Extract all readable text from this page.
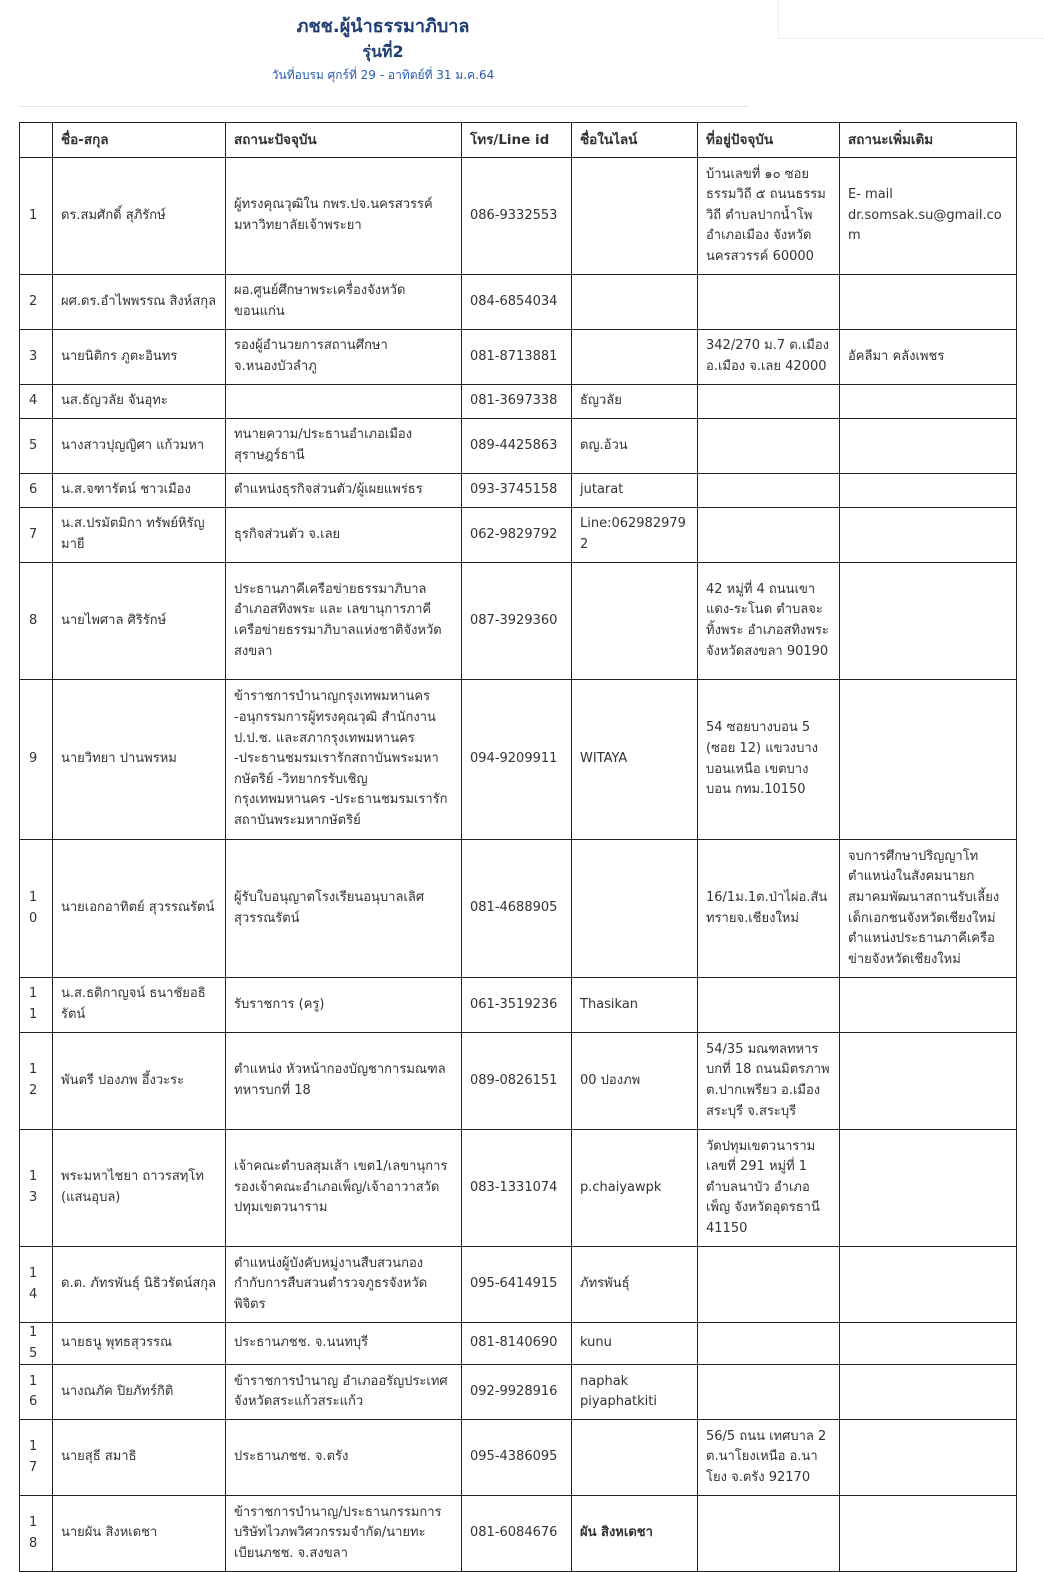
ภชช.ผู้นำธรรมาภิบาล
รุ่นที่2
วันที่อบรม ศุกร์ที่ 29 - อาทิตย์ที่ 31 ม.ค.64
	ชื่อ-สกุล	สถานะปัจจุบัน	โทร/Line id	ชื่อในไลน์	ที่อยู่ปัจจุบัน	สถานะเพิ่มเติม
1	ดร.สมศักดิ์ สุภิรักษ์	ผู้ทรงคุณวุฒิใน กพร.ปจ.นครสวรรค์ มหาวิทยาลัยเจ้าพระยา	086-9332553		บ้านเลขที่ ๑๐ ซอยธรรมวิถี ๕ ถนนธรรมวิถี ตำบลปากน้ำโพ อำเภอเมือง จังหวัดนครสวรรค์ 60000	E- mail dr.somsak.su@gmail.com
2	ผศ.ดร.อำไพพรรณ สิงห์สกุล	ผอ.ศูนย์ศึกษาพระเครื่องจังหวัดขอนแก่น	084-6854034			
3	นายนิติกร ภูตะอินทร	รองผู้อำนวยการสถานศึกษา จ.หนองบัวลำภู	081-8713881		342/270 ม.7 ต.เมือง อ.เมือง จ.เลย 42000	อัคลีมา คลังเพชร
4	นส.ธัญวลัย จันอุทะ		081-3697338	ธัญวลัย		
5	นางสาวปุญญิศา แก้วมหา	ทนายความ/ประธานอำเภอเมืองสุราษฎร์ธานี	089-4425863	ดญ.อ้วน		
6	น.ส.จฑารัตน์ ชาวเมือง	ตำแหน่งธุรกิจส่วนตัว/ผู้เผยแพร่ธร	093-3745158	jutarat		
7	น.ส.ปรมัตมิกา ทรัพย์หิรัญมายี	ธุรกิจส่วนตัว จ.เลย	062-9829792	Line:0629829792		
8	นายไพศาล ศิริรักษ์	ประธานภาคีเครือข่ายธรรมาภิบาลอำเภอสทิงพระ และ เลขานุการภาคีเครือข่ายธรรมาภิบาลแห่งชาติจังหวัดสงขลา	087-3929360		42 หมู่ที่ 4 ถนนเขาแดง-ระโนด ตำบลจะทิ้งพระ อำเภอสทิงพระ จังหวัดสงขลา 90190	
9	นายวิทยา ปานพรหม	ข้าราชการบำนาญกรุงเทพมหานคร -อนุกรรมการผู้ทรงคุณวุฒิ สำนักงาน ป.ป.ช. และสภากรุงเทพมหานคร -ประธานชมรมเรารักสถาบันพระมหากษัตริย์ -วิทยากรรับเชิญกรุงเทพมหานคร -ประธานชมรมเรารักสถาบันพระมหากษัตริย์	094-9209911	WITAYA	54 ซอยบางบอน 5 (ซอย 12) แขวงบางบอนเหนือ เขตบางบอน กทม.10150	
10	นายเอกอาทิตย์ สุวรรณรัตน์	ผู้รับใบอนุญาตโรงเรียนอนุบาลเลิศสุวรรณรัตน์	081-4688905		16/1ม.1ต.ป่าไผ่อ.สันทรายจ.เชียงใหม่	จบการศึกษาปริญญาโท ตำแหน่งในสังคมนายกสมาคมพัฒนาสถานรับเลี้ยงเด็กเอกชนจังหวัดเชียงใหม่ ตำแหน่งประธานภาคีเครือข่ายจังหวัดเชียงใหม่
11	น.ส.ธติกาญจน์ ธนาชัยอธิรัตน์	รับราชการ (ครู)	061-3519236	Thasikan		
12	พันตรี ปองภพ อึ้งวะระ	ตำแหน่ง หัวหน้ากองบัญชาการมณฑลทหารบกที่ 18	089-0826151	00 ปองภพ	54/35 มณฑลทหารบกที่ 18 ถนนมิตรภาพ ต.ปากเพรียว อ.เมือง สระบุรี จ.สระบุรี	
13	พระมหาไชยา ถาวรสทฺโท (แสนอุบล)	เจ้าคณะตำบลสุมเส้า เขต1/เลขานุการรองเจ้าคณะอำเภอเพ็ญ/เจ้าอาวาสวัดปทุมเขตวนาราม	083-1331074	p.chaiyawpk	วัดปทุมเขตวนาราม เลขที่ 291 หมู่ที่ 1 ตำบลนาบัว อำเภอเพ็ญ จังหวัดอุดรธานี 41150	
14	ด.ต. ภัทรพันธุ์ นิธิวรัตน์สกุล	ตำแหน่งผู้บังคับหมู่งานสืบสวนกองกำกับการสืบสวนตำรวจภูธรจังหวัดพิจิตร	095-6414915	ภัทรพันธุ์		
15	นายธนู พุทธสุวรรณ	ประธานภชช. จ.นนทบุรี	081-8140690	kunu		
16	นางณภัค ปิยภัทร์กิติ	ข้าราชการบำนาญ อำเภออรัญประเทศ จังหวัดสระแก้วสระแก้ว	092-9928916	naphak piyaphatkiti		
17	นายสุธี สมาธิ	ประธานภชช. จ.ตรัง	095-4386095		56/5 ถนน เทศบาล 2 ต.นาโยงเหนือ อ.นาโยง จ.ตรัง 92170	
18	นายผัน สิงหเดชา	ข้าราชการบำนาญ/ประธานกรรมการบริษัทไวภพวิศวกรรมจำกัด/นายทะเบียนภชช. จ.สงขลา	081-6084676	ผัน สิงหเดชา		
